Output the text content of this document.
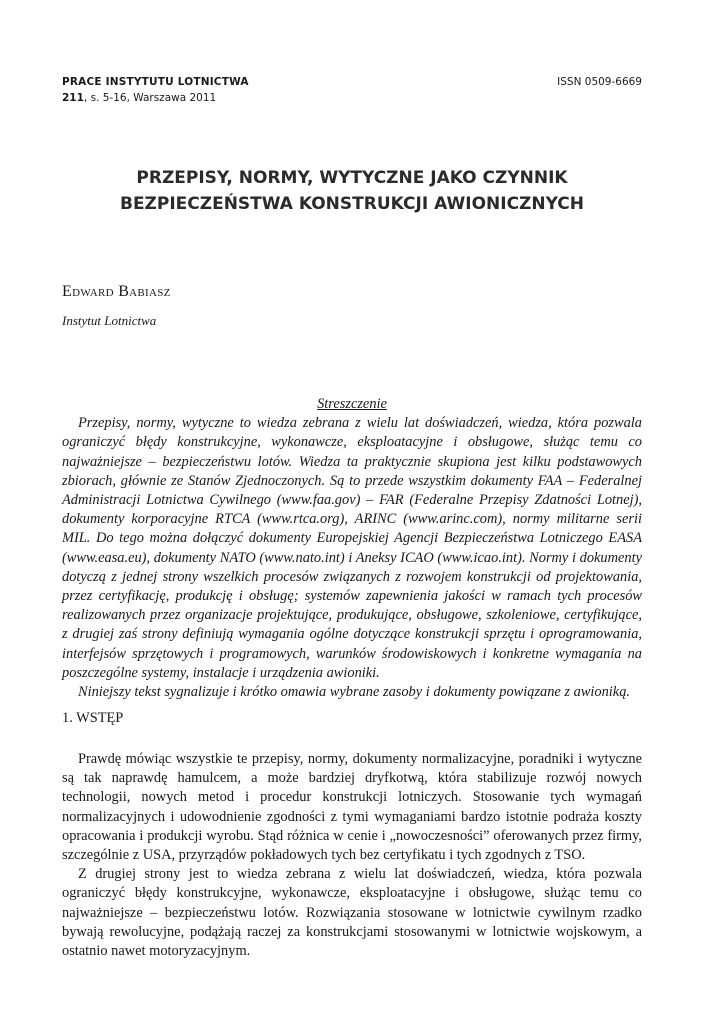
PRACE INSTYTUTU LOTNICTWA
211, s. 5-16, Warszawa 2011
ISSN 0509-6669
PRZEPISY, NORMY, WYTYCZNE JAKO CZYNNIK
BEZPIECZEŃSTWA KONSTRUKCJI AWIONICZNYCH
Edward Babiasz
Instytut Lotnictwa
Streszczenie

Przepisy, normy, wytyczne to wiedza zebrana z wielu lat doświadczeń, wiedza, która pozwala ograniczyć błędy konstrukcyjne, wykonawcze, eksploatacyjne i obsługowe, służąc temu co najważniejsze – bezpieczeństwu lotów. Wiedza ta praktycznie skupiona jest kilku podstawowych zbiorach, głównie ze Stanów Zjednoczonych. Są to przede wszystkim dokumenty FAA – Federalnej Administracji Lotnictwa Cywilnego (www.faa.gov) – FAR (Federalne Przepisy Zdatności Lotnej), dokumenty korporacyjne RTCA (www.rtca.org), ARINC (www.arinc.com), normy militarne serii MIL. Do tego można dołączyć dokumenty Europejskiej Agencji Bezpieczeństwa Lotniczego EASA (www.easa.eu), dokumenty NATO (www.nato.int) i Aneksy ICAO (www.icao.int). Normy i dokumenty dotyczą z jednej strony wszelkich procesów związanych z rozwojem konstrukcji od projektowania, przez certyfikację, produkcję i obsługę; systemów zapewnienia jakości w ramach tych procesów realizowanych przez organizacje projektujące, produkujące, obsługowe, szkoleniowe, certyfikujące, z drugiej zaś strony definiują wymagania ogólne dotyczące konstrukcji sprzętu i oprogramowania, interfejsów sprzętowych i programowych, warunków środowiskowych i konkretne wymagania na poszczególne systemy, instalacje i urządzenia awioniki.

Niniejszy tekst sygnalizuje i krótko omawia wybrane zasoby i dokumenty powiązane z awioniką.

1. WSTĘP

Prawdę mówiąc wszystkie te przepisy, normy, dokumenty normalizacyjne, poradniki i wytyczne są tak naprawdę hamulcem, a może bardziej dryfkotwą, która stabilizuje rozwój nowych technologii, nowych metod i procedur konstrukcji lotniczych. Stosowanie tych wymagań normalizacyjnych i udowodnienie zgodności z tymi wymaganiami bardzo istotnie podraża koszty opracowania i produkcji wyrobu. Stąd różnica w cenie i „nowoczesności” oferowanych przez firmy, szczególnie z USA, przyrządów pokładowych tych bez certyfikatu i tych zgodnych z TSO.

Z drugiej strony jest to wiedza zebrana z wielu lat doświadczeń, wiedza, która pozwala ograniczyć błędy konstrukcyjne, wykonawcze, eksploatacyjne i obsługowe, służąc temu co najważniejsze – bezpieczeństwu lotów. Rozwiązania stosowane w lotnictwie cywilnym rzadko bywają rewolucyjne, podążają raczej za konstrukcjami stosowanymi w lotnictwie wojskowym, a ostatnio nawet motoryzacyjnym.
